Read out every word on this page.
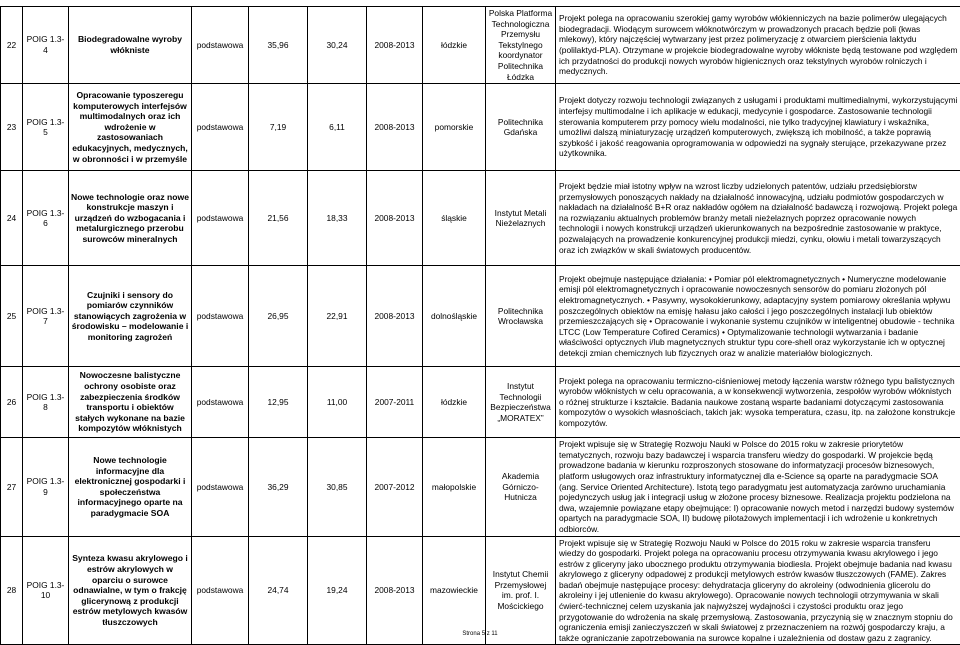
22	POIG 1.3-4	Biodegradowalne wyroby włókniste	podstawowa	35,96	30,24	2008-2013	łódzkie	Polska Platforma Technologiczna Przemysłu Tekstylnego koordynator Politechnika Łódzka	Projekt polega na opracowaniu szerokiej gamy wyrobów włókienniczych na bazie polimerów ulegających biodegradacji. Wiodącym surowcem włóknotwórczym w prowadzonych pracach będzie poli (kwas mlekowy), który najczęściej wytwarzany jest przez polimeryzację z otwarciem pierścienia laktydu (polilaktyd-PLA). Otrzymane w projekcie biodegradowalne wyroby włókniste będą testowane pod względem ich przydatności do produkcji nowych wyrobów higienicznych oraz tekstylnych wyrobów rolniczych i medycznych.
23	POIG 1.3-5	Opracowanie typoszeregu komputerowych interfejsów multimodalnych oraz ich wdrożenie w zastosowaniach edukacyjnych, medycznych, w obronności i w przemyśle	podstawowa	7,19	6,11	2008-2013	pomorskie	Politechnika Gdańska	Projekt dotyczy rozwoju technologii związanych z usługami i produktami multimedialnymi, wykorzystującymi interfejsy multimodalne i ich aplikacje w edukacji, medycynie i gospodarce. Zastosowanie technologii sterowania komputerem przy pomocy wielu modalności, nie tylko tradycyjnej klawiatury i wskaźnika, umożliwi dalszą miniaturyzację urządzeń komputerowych, zwiększą ich mobilność, a także poprawią szybkość i jakość reagowania oprogramowania w odpowiedzi na sygnały sterujące, przekazywane przez użytkownika.
24	POIG 1.3-6	Nowe technologie oraz nowe konstrukcje maszyn i urządzeń do wzbogacania i metalurgicznego przerobu surowców mineralnych	podstawowa	21,56	18,33	2008-2013	śląskie	Instytut Metali Nieżelaznych	Projekt będzie miał istotny wpływ na wzrost liczby udzielonych patentów, udziału przedsiębiorstw przemysłowych ponoszących nakłady na działalność innowacyjną, udziału podmiotów gospodarczych w nakładach na działalność B+R oraz nakładów ogółem na działalność badawczą i rozwojową. Projekt polega na rozwiązaniu aktualnych problemów branży metali nieżelaznych poprzez opracowanie nowych technologii i nowych konstrukcji urządzeń ukierunkowanych na bezpośrednie zastosowanie w praktyce, pozwalających na prowadzenie konkurencyjnej produkcji miedzi, cynku, ołowiu i metali towarzyszących oraz ich związków w skali światowych producentów.
25	POIG 1.3-7	Czujniki i sensory do pomiarów czynników stanowiących zagrożenia w środowisku – modelowanie i monitoring zagrożeń	podstawowa	26,95	22,91	2008-2013	dolnośląskie	Politechnika Wrocławska	Projekt obejmuje następujące działania: • Pomiar pól elektromagnetycznych • Numeryczne modelowanie emisji pól elektromagnetycznych i opracowanie nowoczesnych sensorów do pomiaru złożonych pól elektromagnetycznych. • Pasywny, wysokokierunkowy, adaptacyjny system pomiarowy określania wpływu poszczególnych obiektów na emisję hałasu jako całości i jego poszczególnych instalacji lub obiektów przemieszczających się • Opracowanie i wykonanie systemu czujników w inteligentnej obudowie - technika LTCC (Low Temperature Cofired Ceramics) • Optymalizowanie technologii wytwarzania i badanie właściwości optycznych i/lub magnetycznych struktur typu core-shell oraz wykorzystanie ich w optycznej detekcji zmian chemicznych lub fizycznych oraz w analizie materiałów biologicznych.
26	POIG 1.3-8	Nowoczesne balistyczne ochrony osobiste oraz zabezpieczenia środków transportu i obiektów stałych wykonane na bazie kompozytów włóknistych	podstawowa	12,95	11,00	2007-2011	łódzkie	Instytut Technologii Bezpieczeństwa „MORATEX”	Projekt polega na opracowaniu termiczno-ciśnieniowej metody łączenia warstw różnego typu balistycznych wyrobów włóknistych w celu opracowania, a w konsekwencji wytworzenia, zespołów wyrobów włóknistych o różnej strukturze i kształcie. Badania naukowe zostaną wsparte badaniami dotyczącymi zastosowania kompozytów o wysokich własnościach, takich jak: wysoka temperatura, czasu, itp. na założone konstrukcje kompozytów.
27	POIG 1.3-9	Nowe technologie informacyjne dla elektronicznej gospodarki i społeczeństwa informacyjnego oparte na paradygmacie SOA	podstawowa	36,29	30,85	2007-2012	małopolskie	Akademia Górniczo-Hutnicza	Projekt wpisuje się w Strategię Rozwoju Nauki w Polsce do 2015 roku w zakresie priorytetów tematycznych, rozwoju bazy badawczej i wsparcia transferu wiedzy do gospodarki. W projekcie będą prowadzone badania w kierunku rozproszonych stosowane do informatyzacji procesów biznesowych, platform usługowych oraz infrastruktury informatycznej dla e-Science są oparte na paradygmacie SOA (ang. Service Oriented Architecture). Istotą tego paradygmatu jest automatyzacja zarówno uruchamiania pojedynczych usług jak i integracji usług w złożone procesy biznesowe. Realizacja projektu podzielona na dwa, wzajemnie powiązane etapy obejmujące: I) opracowanie nowych metod i narzędzi budowy systemów opartych na paradygmacie SOA, II) budowę pilotażowych implementacji i ich wdrożenie u konkretnych odbiorców.
28	POIG 1.3-10	Synteza kwasu akrylowego i estrów akrylowych w oparciu o surowce odnawialne, w tym o frakcję glicerynową z produkcji estrów metylowych kwasów tłuszczowych	podstawowa	24,74	19,24	2008-2013	mazowieckie	Instytut Chemii Przemysłowej im. prof. I. Mościckiego	Projekt wpisuje się w Strategię Rozwoju Nauki w Polsce do 2015 roku w zakresie wsparcia transferu wiedzy do gospodarki. Projekt polega na opracowaniu procesu otrzymywania kwasu akrylowego i jego estrów z gliceryny jako ubocznego produktu otrzymywania biodiesla. Projekt obejmuje badania nad kwasu akrylowego z gliceryny odpadowej z produkcji metylowych estrów kwasów tłuszczowych (FAME). Zakres badań obejmuje następujące procesy: dehydratacja gliceryny do akroleiny (odwodnienia glicerolu do akroleiny i jej utlenienie do kwasu akrylowego). Opracowanie nowych technologii otrzymywania w skali ćwierć-technicznej celem uzyskania jak najwyższej wydajności i czystości produktu oraz jego przygotowanie do wdrożenia na skalę przemysłową. Zastosowania, przyczynią się w znacznym stopniu do ograniczenia emisji zanieczyszczeń w skali światowej z przeznaczeniem na rozwój gospodarczy kraju, a także ograniczanie zapotrzebowania na surowce kopalne i uzależnienia od dostaw gazu z zagranicy.
Strona 5 z 11
